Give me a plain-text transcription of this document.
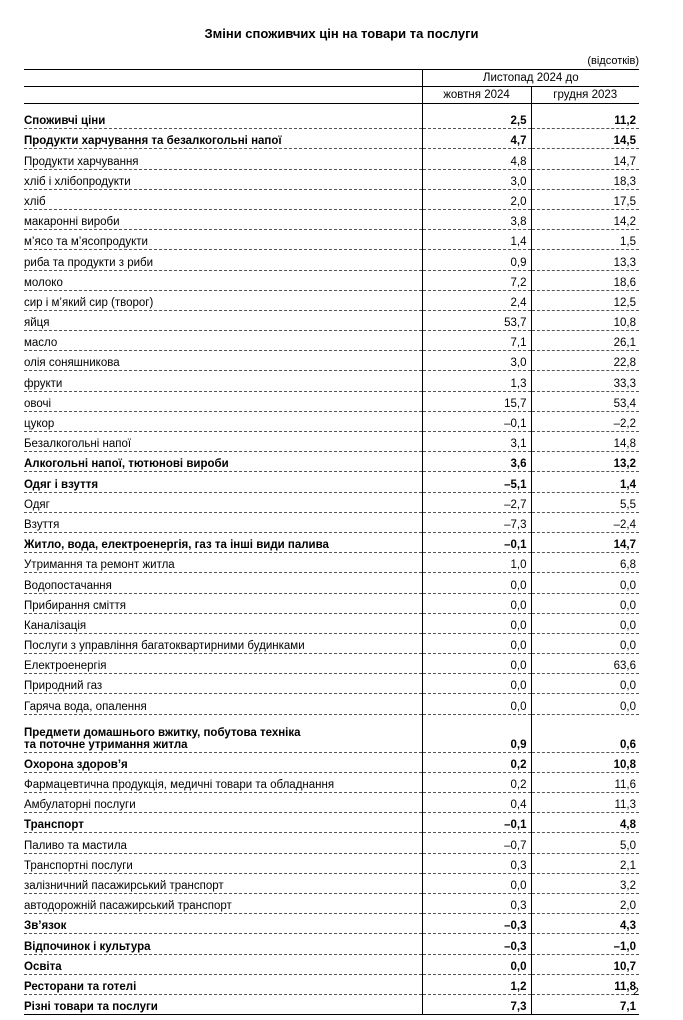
Зміни споживчих цін на товари та послуги
(відсотків)
	Листопад 2024 до	
	жовтня 2024	грудня 2023

Споживчі ціни	2,5	11,2
Продукти харчування та безалкогольні напої	4,7	14,5
Продукти харчування	4,8	14,7
хліб і хлібопродукти	3,0	18,3
хліб	2,0	17,5
макаронні вироби	3,8	14,2
м’ясо та м’ясопродукти	1,4	1,5
риба та продукти з риби	0,9	13,3
молоко	7,2	18,6
сир і м’який сир (творог)	2,4	12,5
яйця	53,7	10,8
масло	7,1	26,1
олія соняшникова	3,0	22,8
фрукти	1,3	33,3
овочі	15,7	53,4
цукор	–0,1	–2,2
Безалкогольні напої	3,1	14,8
Алкогольні напої, тютюнові вироби	3,6	13,2
Одяг і взуття	–5,1	1,4
Одяг	–2,7	5,5
Взуття	–7,3	–2,4
Житло, вода, електроенергія, газ та інші види палива	–0,1	14,7
Утримання та ремонт житла	1,0	6,8
Водопостачання	0,0	0,0
Прибирання сміття	0,0	0,0
Каналізація	0,0	0,0
Послуги з управління багатоквартирними будинками	0,0	0,0
Електроенергія	0,0	63,6
Природний газ	0,0	0,0
Гаряча вода, опалення	0,0	0,0
Предмети домашнього вжитку, побутова техніка
та поточне утримання житла	0,9	0,6
Охорона здоров’я	0,2	10,8
Фармацевтична продукція, медичні товари та обладнання	0,2	11,6
Амбулаторні послуги	0,4	11,3
Транспорт	–0,1	4,8
Паливо та мастила	–0,7	5,0
Транспортні послуги	0,3	2,1
залізничний пасажирський транспорт	0,0	3,2
автодорожній пасажирський транспорт	0,3	2,0
Зв’язок	–0,3	4,3
Відпочинок і культура	–0,3	–1,0
Освіта	0,0	10,7
Ресторани та готелі	1,2	11,8
Різні товари та послуги	7,3	7,1
2
